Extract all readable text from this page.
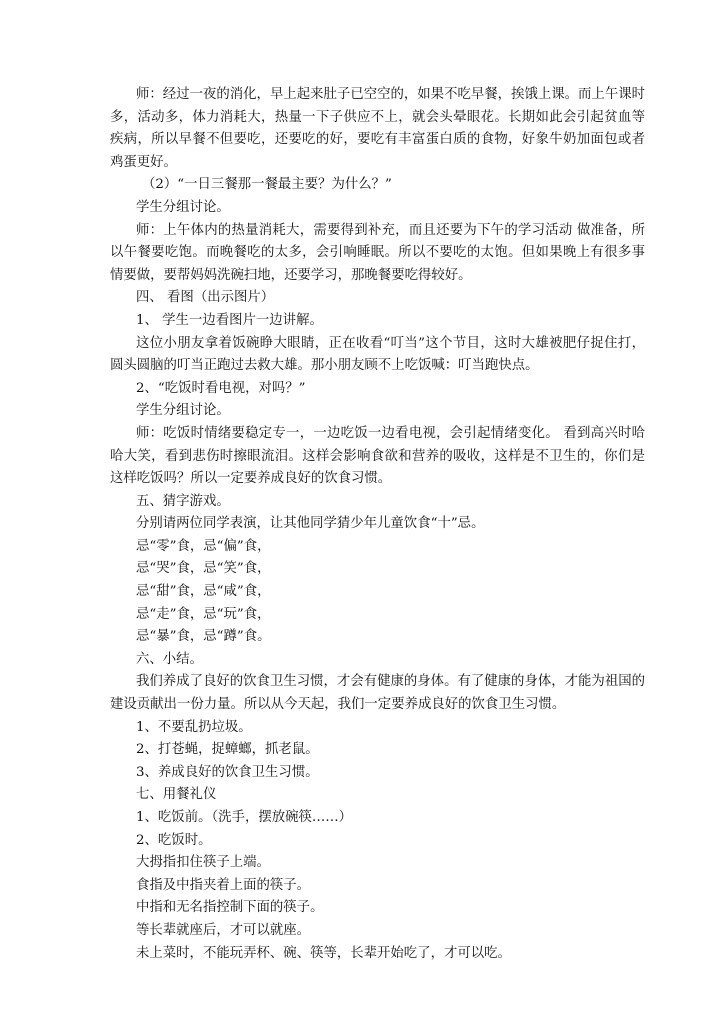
师：经过一夜的消化，早上起来肚子已空空的，如果不吃早餐，挨饿上课。而上午课时多，活动多，体力消耗大，热量一下子供应不上，就会头晕眼花。长期如此会引起贫血等疾病，所以早餐不但要吃，还要吃的好，要吃有丰富蛋白质的食物，好象牛奶加面包或者鸡蛋更好。

（2）“一日三餐那一餐最主要？为什么？”

学生分组讨论。

师：上午体内的热量消耗大，需要得到补充，而且还要为下午的学习活动 做准备，所以午餐要吃饱。而晚餐吃的太多，会引响睡眠。所以不要吃的太饱。但如果晚上有很多事情要做，要帮妈妈洗碗扫地，还要学习，那晚餐要吃得较好。

四、 看图（出示图片）

1、 学生一边看图片一边讲解。

这位小朋友拿着饭碗睁大眼睛，正在收看“叮当”这个节目，这时大雄被肥仔捉住打，圆头圆脑的叮当正跑过去救大雄。那小朋友顾不上吃饭喊：叮当跑快点。

2、“吃饭时看电视，对吗？”

学生分组讨论。

师：吃饭时情绪要稳定专一，一边吃饭一边看电视，会引起情绪变化。 看到高兴时哈哈大笑，看到悲伤时擦眼流泪。这样会影响食欲和营养的吸收，这样是不卫生的，你们是这样吃饭吗？所以一定要养成良好的饮食习惯。

五、猜字游戏。

分别请两位同学表演，让其他同学猜少年儿童饮食“十”忌。

忌“零”食，忌“偏”食，

忌“哭”食，忌“笑”食，

忌“甜”食，忌“咸”食，

忌“走”食，忌“玩”食，

忌“暴”食，忌“蹲”食。

六、小结。

我们养成了良好的饮食卫生习惯，才会有健康的身体。有了健康的身体，才能为祖国的建设贡献出一份力量。所以从今天起，我们一定要养成良好的饮食卫生习惯。

1、不要乱扔垃圾。

2、打苍蝇，捉蟑螂，抓老鼠。

3、养成良好的饮食卫生习惯。

七、用餐礼仪

1、吃饭前。（洗手，摆放碗筷……）

2、吃饭时。

大拇指扣住筷子上端。

食指及中指夹着上面的筷子。

中指和无名指控制下面的筷子。

等长辈就座后，才可以就座。

未上菜时，不能玩弄杯、碗、筷等，长辈开始吃了，才可以吃。
